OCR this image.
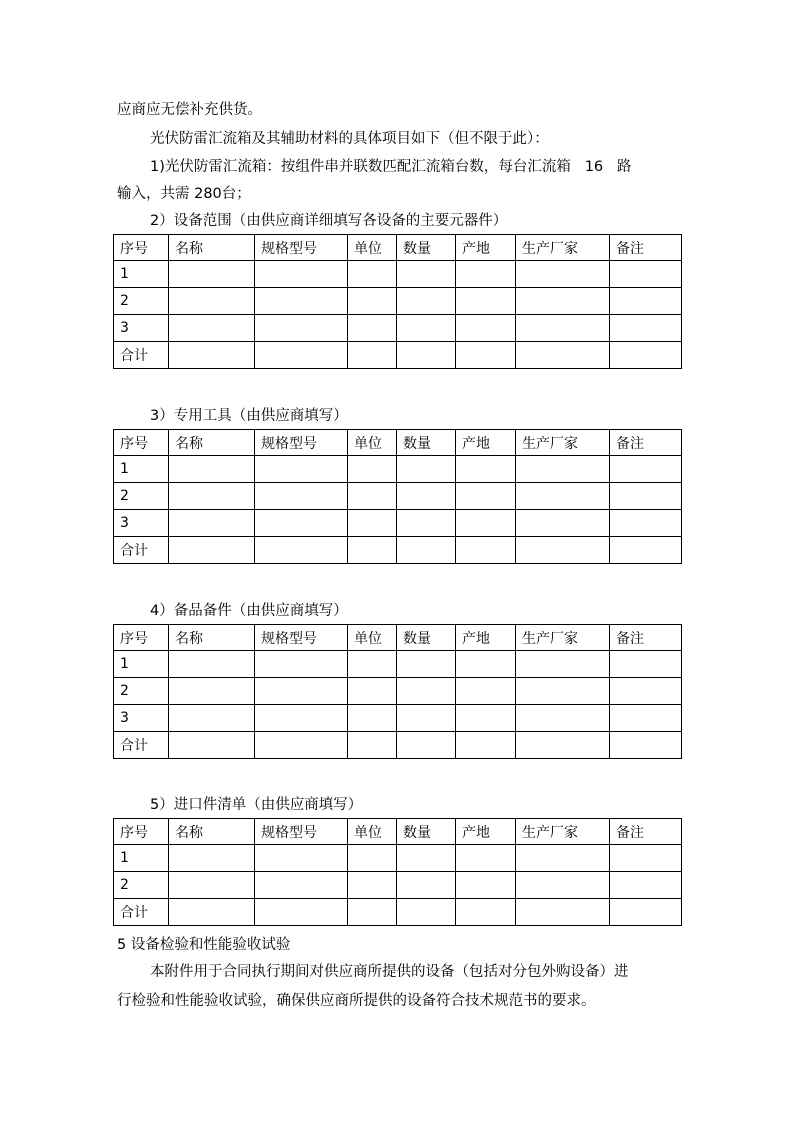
应商应无偿补充供货。
光伏防雷汇流箱及其辅助材料的具体项目如下（但不限于此）：
1)光伏防雷汇流箱：按组件串并联数匹配汇流箱台数，每台汇流箱   16   路
输入，共需 280台；
2）设备范围（由供应商详细填写各设备的主要元器件）
序号	名称	规格型号	单位	数量	产地	生产厂家	备注
1							
2							
3							
合计							
3）专用工具（由供应商填写）
序号	名称	规格型号	单位	数量	产地	生产厂家	备注
1							
2							
3							
合计							
4）备品备件（由供应商填写）
序号	名称	规格型号	单位	数量	产地	生产厂家	备注
1							
2							
3							
合计							
5）进口件清单（由供应商填写）
序号	名称	规格型号	单位	数量	产地	生产厂家	备注
1							
2							
合计							
5 设备检验和性能验收试验
本附件用于合同执行期间对供应商所提供的设备（包括对分包外购设备）进
行检验和性能验收试验，确保供应商所提供的设备符合技术规范书的要求。
